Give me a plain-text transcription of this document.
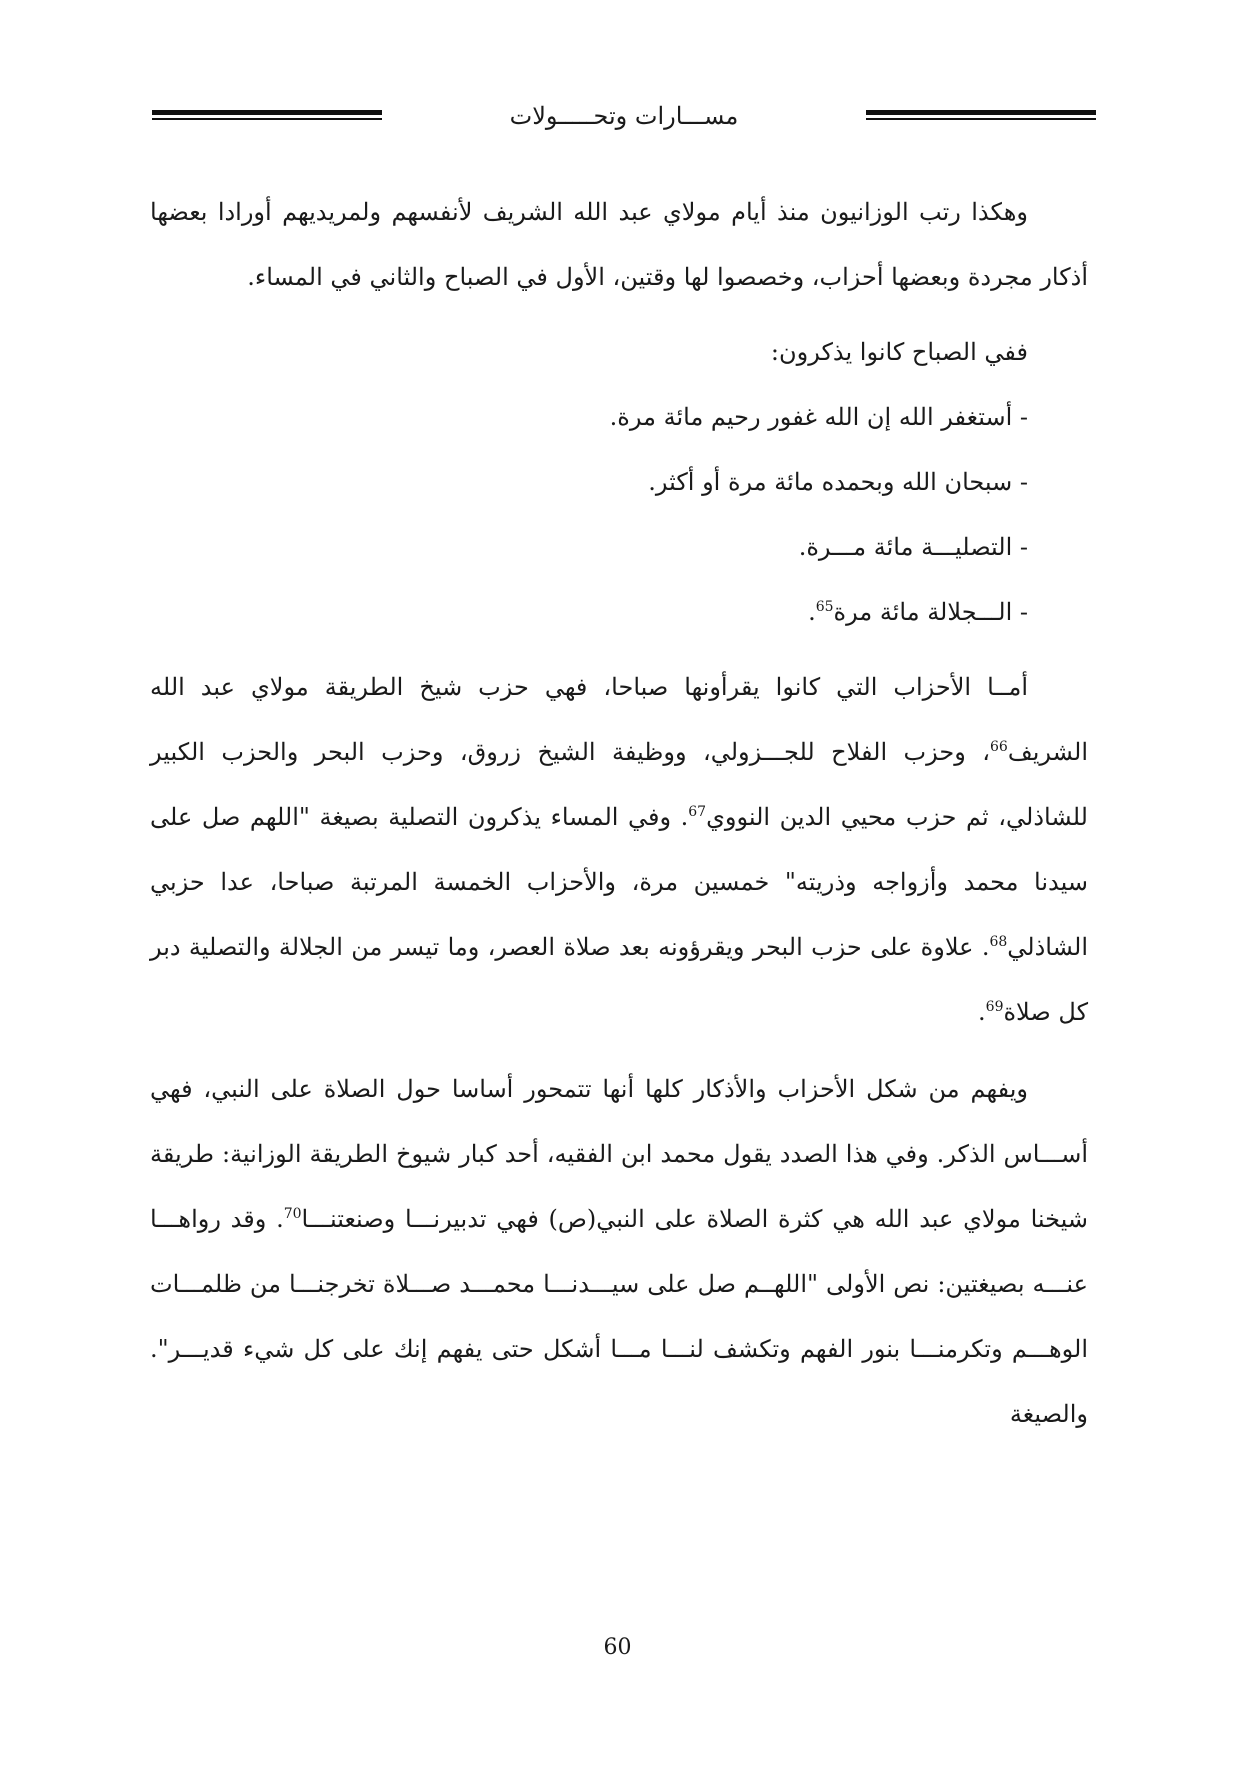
مســـارات وتحـــــولات

وهكذا رتب الوزانيون منذ أيام مولاي عبد الله الشريف لأنفسهم ولمريديهم أورادا بعضها أذكار مجردة وبعضها أحزاب، وخصصوا لها وقتين، الأول في الصباح والثاني في المساء.

ففي الصباح كانوا يذكرون:
- أستغفر الله إن الله غفور رحيم مائة مرة.
- سبحان الله وبحمده مائة مرة أو أكثر.
- التصليـــة مائة مـــرة.
- الـــجلالة مائة مرة$^{65}$.

أمــا الأحزاب التي كانوا يقرأونها صباحا، فهي حزب شيخ الطريقة مولاي عبد الله الشريف$^{66}$، وحزب الفلاح للجـــزولي، ووظيفة الشيخ زروق، وحزب البحر والحزب الكبير للشاذلي، ثم حزب محيي الدين النووي$^{67}$. وفي المساء يذكرون التصلية بصيغة "اللهم صل على سيدنا محمد وأزواجه وذريته" خمسين مرة، والأحزاب الخمسة المرتبة صباحا، عدا حزبي الشاذلي$^{68}$. علاوة على حزب البحر ويقرؤونه بعد صلاة العصر، وما تيسر من الجلالة والتصلية دبر كل صلاة$^{69}$.

ويفهم من شكل الأحزاب والأذكار كلها أنها تتمحور أساسا حول الصلاة على النبي، فهي أســـاس الذكر. وفي هذا الصدد يقول محمد ابن الفقيه، أحد كبار شيوخ الطريقة الوزانية: طريقة شيخنا مولاي عبد الله هي كثرة الصلاة على النبي(ص) فهي تدبيرنـــا وصنعتنـــا$^{70}$. وقد رواهـــا عنـــه بصيغتين: نص الأولى "اللهــم صل على سيـــدنـــا محمـــد صـــلاة تخرجنـــا من ظلمـــات الوهـــم وتكرمنـــا بنور الفهم وتكشف لنـــا مـــا أشكل حتى يفهم إنك على كل شيء قديـــر". والصيغة

60
